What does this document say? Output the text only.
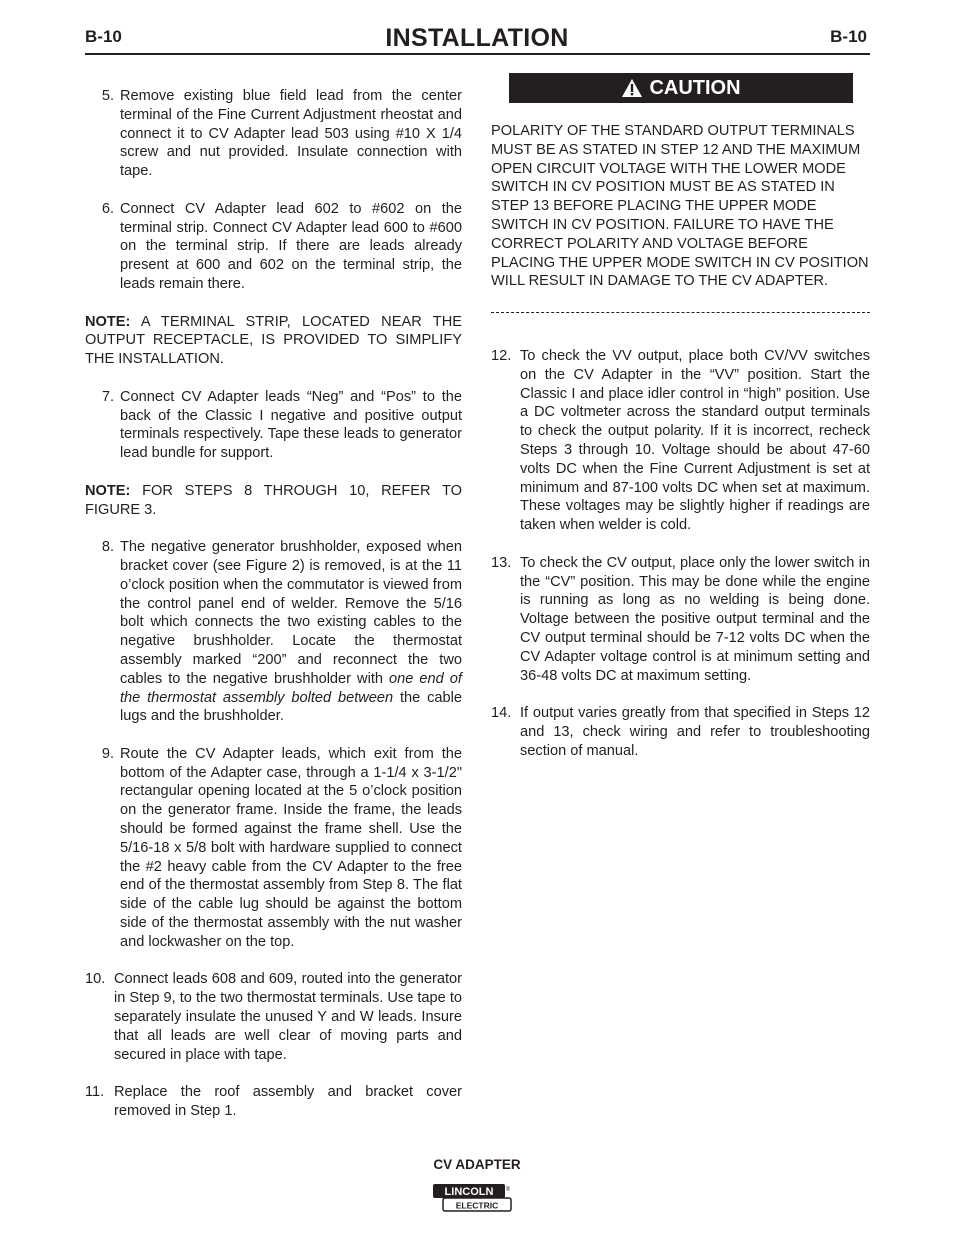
B-10	INSTALLATION	B-10
5. Remove existing blue field lead from the center terminal of the Fine Current Adjustment rheostat and connect it to CV Adapter lead 503 using #10 X 1/4 screw and nut provided. Insulate connection with tape.
6. Connect CV Adapter lead 602 to #602 on the terminal strip. Connect CV Adapter lead 600 to #600 on the terminal strip. If there are leads already present at 600 and 602 on the terminal strip, the leads remain there.
NOTE: A TERMINAL STRIP, LOCATED NEAR THE OUTPUT RECEPTACLE, IS PROVIDED TO SIMPLIFY THE INSTALLATION.
7. Connect CV Adapter leads “Neg” and “Pos” to the back of the Classic I negative and positive output terminals respectively. Tape these leads to generator lead bundle for support.
NOTE: FOR STEPS 8 THROUGH 10, REFER TO FIGURE 3.
8. The negative generator brushholder, exposed when bracket cover (see Figure 2) is removed, is at the 11 o’clock position when the commutator is viewed from the control panel end of welder. Remove the 5/16 bolt which connects the two existing cables to the negative brushholder. Locate the thermostat assembly marked “200” and reconnect the two cables to the negative brushholder with one end of the thermostat assembly bolted between the cable lugs and the brushholder.
9. Route the CV Adapter leads, which exit from the bottom of the Adapter case, through a 1-1/4 x 3-1/2" rectangular opening located at the 5 o’clock position on the generator frame. Inside the frame, the leads should be formed against the frame shell. Use the 5/16-18 x 5/8 bolt with hardware supplied to connect the #2 heavy cable from the CV Adapter to the free end of the thermostat assembly from Step 8. The flat side of the cable lug should be against the bottom side of the thermostat assembly with the nut washer and lockwasher on the top.
10. Connect leads 608 and 609, routed into the generator in Step 9, to the two thermostat terminals. Use tape to separately insulate the unused Y and W leads. Insure that all leads are well clear of moving parts and secured in place with tape.
11. Replace the roof assembly and bracket cover removed in Step 1.
CAUTION
POLARITY OF THE STANDARD OUTPUT TERMINALS MUST BE AS STATED IN STEP 12 AND THE MAXIMUM OPEN CIRCUIT VOLTAGE WITH THE LOWER MODE SWITCH IN CV POSITION MUST BE AS STATED IN STEP 13 BEFORE PLACING THE UPPER MODE SWITCH IN CV POSITION. FAILURE TO HAVE THE CORRECT POLARITY AND VOLTAGE BEFORE PLACING THE UPPER MODE SWITCH IN CV POSITION WILL RESULT IN DAMAGE TO THE CV ADAPTER.
12. To check the VV output, place both CV/VV switches on the CV Adapter in the “VV” position. Start the Classic I and place idler control in “high” position. Use a DC voltmeter across the standard output terminals to check the output polarity. If it is incorrect, recheck Steps 3 through 10. Voltage should be about 47-60 volts DC when the Fine Current Adjustment is set at minimum and 87-100 volts DC when set at maximum. These voltages may be slightly higher if readings are taken when welder is cold.
13. To check the CV output, place only the lower switch in the “CV” position. This may be done while the engine is running as long as no welding is being done. Voltage between the positive output terminal and the CV output terminal should be 7-12 volts DC when the CV Adapter voltage control is at minimum setting and 36-48 volts DC at maximum setting.
14. If output varies greatly from that specified in Steps 12 and 13, check wiring and refer to troubleshooting section of manual.
CV ADAPTER
LINCOLN ®
ELECTRIC
